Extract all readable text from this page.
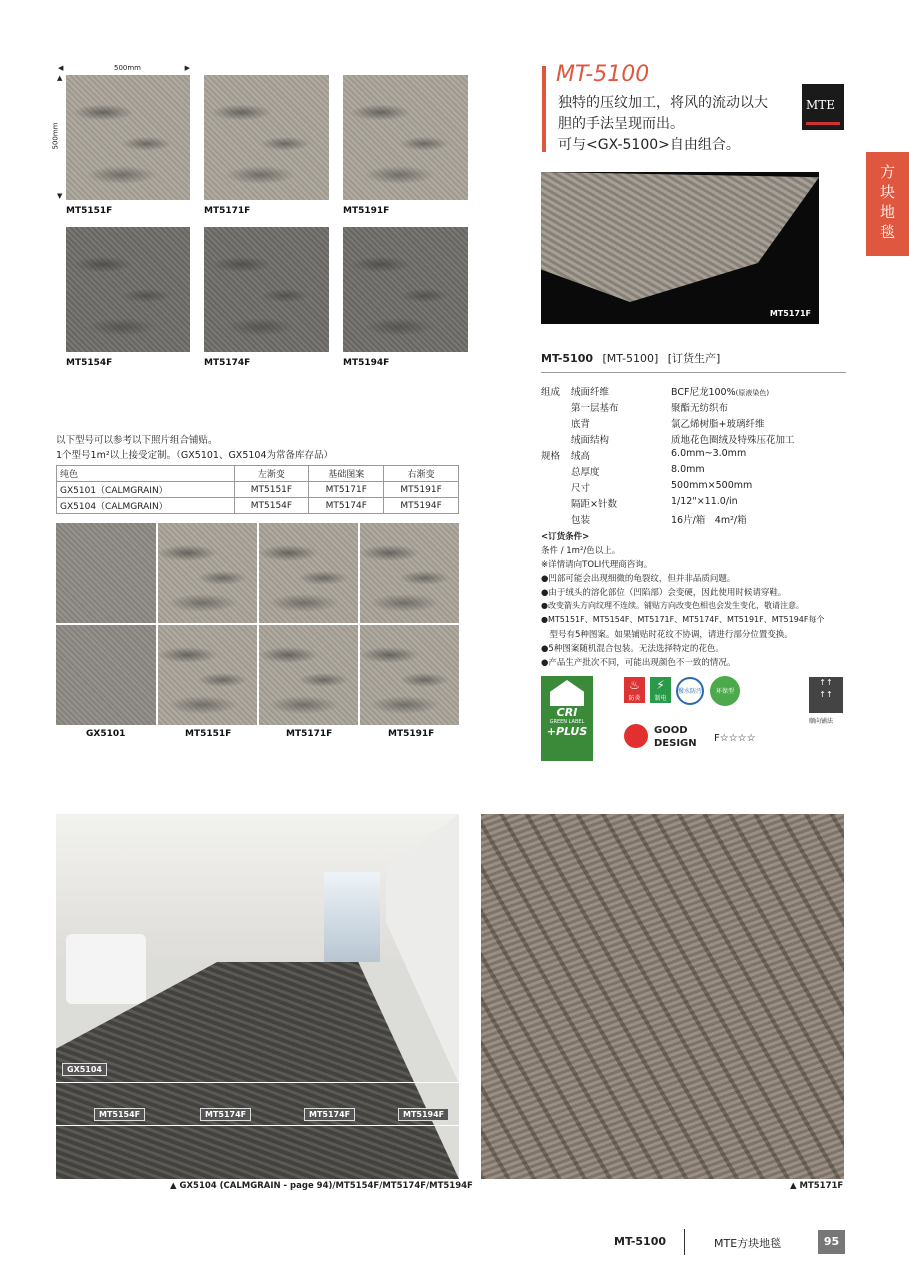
◀	500mm	▶
▲
500mm
▼
MT5151F	MT5171F	MT5191F
MT5154F	MT5174F	MT5194F
MT-5100
独特的压纹加工，将风的流动以大
胆的手法呈现而出。
可与<GX-5100>自由组合。
MTE
方
块
地
毯
MT5171F
MT-5100 [MT-5100] [订货生产]
组成 绒面纤维	BCF尼龙100%(原液染色)
第一层基布	聚酯无纺织布
底背	氯乙烯树脂+玻璃纤维
绒面结构	质地花色圈绒及特殊压花加工
规格 绒高	6.0mm~3.0mm
总厚度	8.0mm
尺寸	500mm×500mm
隔距×针数	1/12"×11.0/in
包装	16片/箱　4m²/箱
<订货条件>
条件 / 1m²/色以上。
※详情请向TOLI代理商咨询。
●凹部可能会出现细微的龟裂纹，但并非品质问题。
●由于绒头的溶化部位（凹陷部）会变硬，因此使用时候请穿鞋。
●改变箭头方向纹理不连续。铺贴方向改变色相也会发生变化，敬请注意。
●MT5151F、MT5154F、MT5171F、MT5174F、MT5191F、MT5194F每个
　型号有5种图案。如果铺贴时花纹不协调，请进行部分位置变换。
●5种图案随机混合包装。无法选择特定的花色。
●产品生产批次不同，可能出现颜色不一致的情况。
CRI
GREEN LABEL
+PLUS
♨
防炎
⚡
制电
撥水防汚	环保型
GOOD
DESIGN F☆☆☆☆
↑↑
↑↑
顺向铺法
以下型号可以参考以下照片组合铺贴。
1个型号1m²以上接受定制。（GX5101、GX5104为常备库存品）
纯色	左渐变	基础图案	右渐变
GX5101（CALMGRAIN）	MT5151F	MT5171F	MT5191F
GX5104（CALMGRAIN）	MT5154F	MT5174F	MT5194F
GX5101	MT5151F	MT5171F	MT5191F
GX5104
MT5154F	MT5174F	MT5174F	MT5194F
▲ GX5104 (CALMGRAIN - page 94)/MT5154F/MT5174F/MT5194F	▲ MT5171F
MT-5100	MTE方块地毯	95
